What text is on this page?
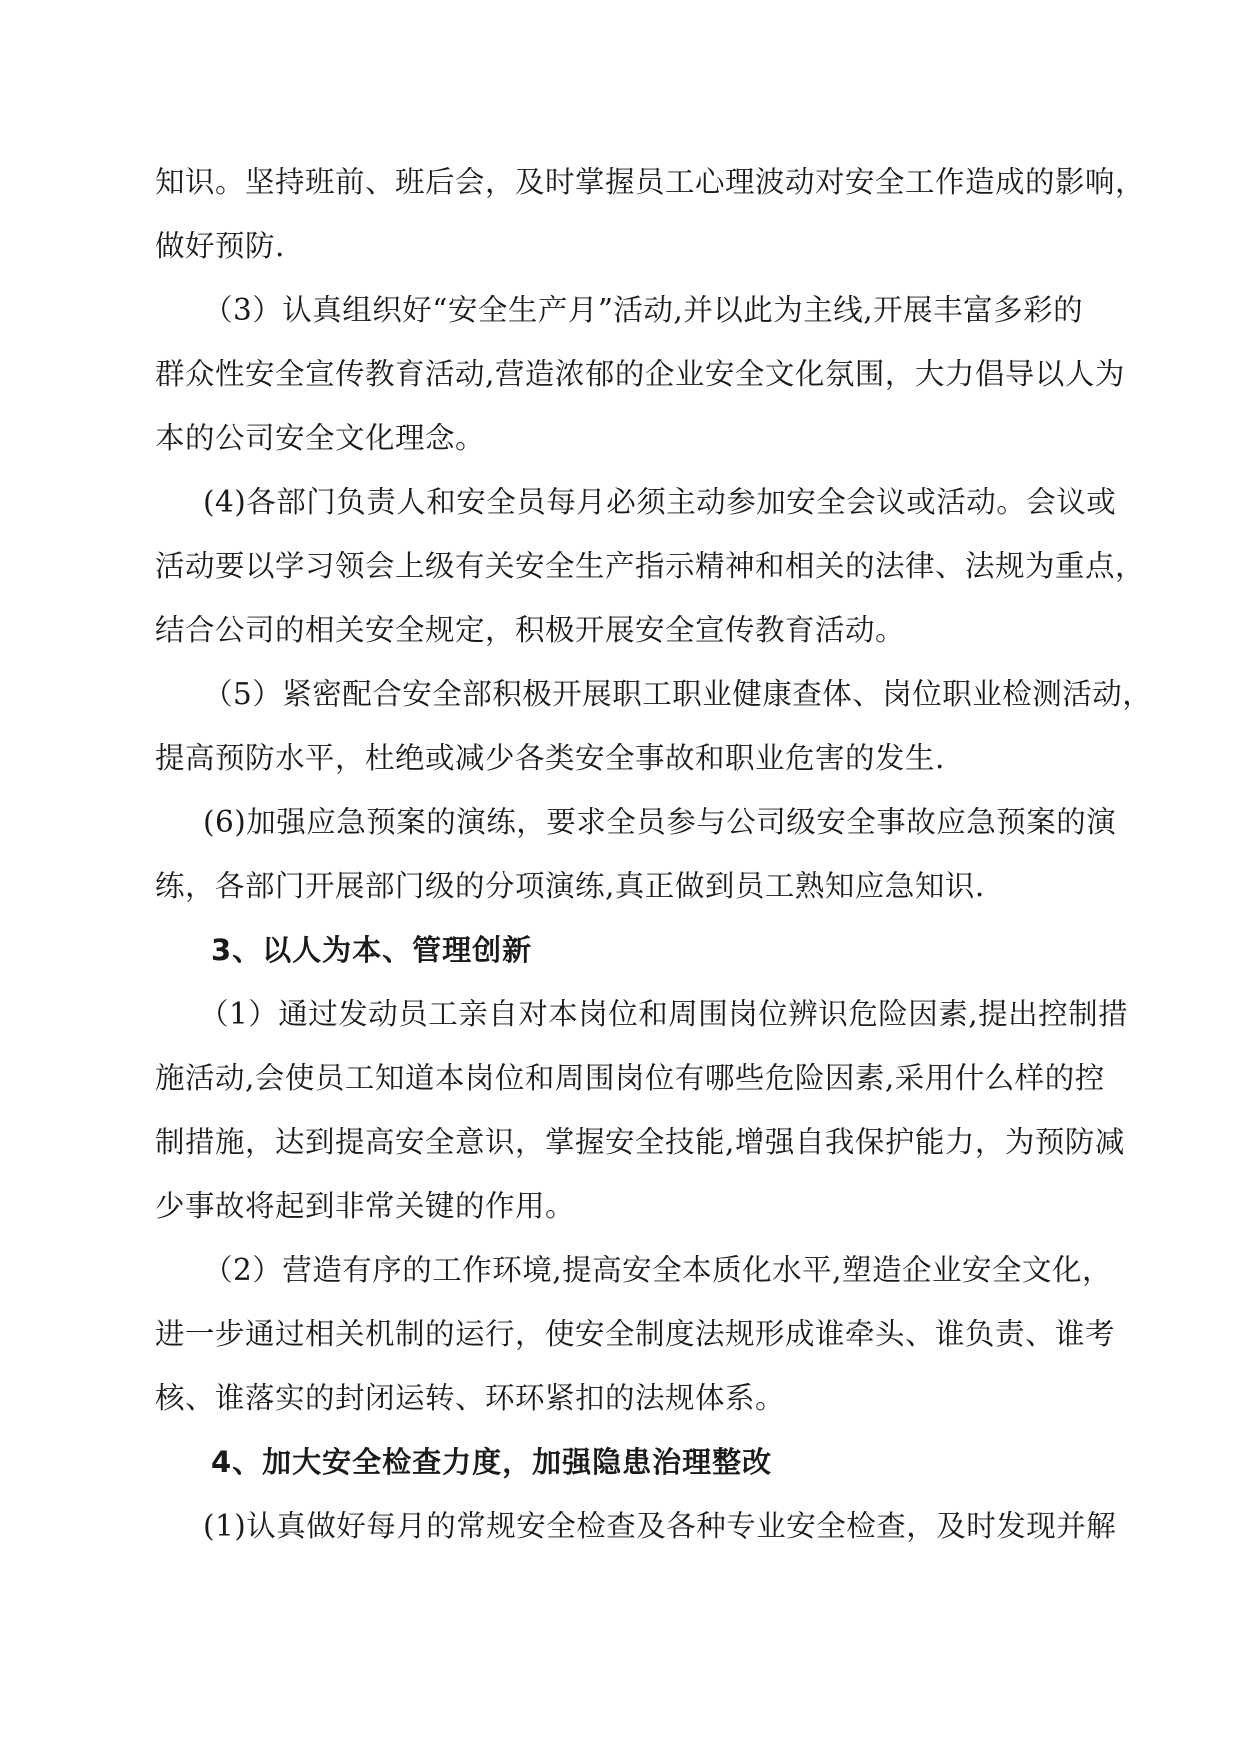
知识。坚持班前、班后会，及时掌握员工心理波动对安全工作造成的影响，
做好预防.
（3）认真组织好“安全生产月”活动,并以此为主线,开展丰富多彩的
群众性安全宣传教育活动,营造浓郁的企业安全文化氛围，大力倡导以人为
本的公司安全文化理念。
(4)各部门负责人和安全员每月必须主动参加安全会议或活动。会议或
活动要以学习领会上级有关安全生产指示精神和相关的法律、法规为重点，
结合公司的相关安全规定，积极开展安全宣传教育活动。
（5）紧密配合安全部积极开展职工职业健康查体、岗位职业检测活动，
提高预防水平，杜绝或减少各类安全事故和职业危害的发生.
(6)加强应急预案的演练，要求全员参与公司级安全事故应急预案的演
练，各部门开展部门级的分项演练,真正做到员工熟知应急知识.
3、以人为本、管理创新
（1）通过发动员工亲自对本岗位和周围岗位辨识危险因素,提出控制措
施活动,会使员工知道本岗位和周围岗位有哪些危险因素,采用什么样的控
制措施，达到提高安全意识，掌握安全技能,增强自我保护能力，为预防减
少事故将起到非常关键的作用。
（2）营造有序的工作环境,提高安全本质化水平,塑造企业安全文化，
进一步通过相关机制的运行，使安全制度法规形成谁牵头、谁负责、谁考
核、谁落实的封闭运转、环环紧扣的法规体系。
4、加大安全检查力度，加强隐患治理整改
(1)认真做好每月的常规安全检查及各种专业安全检查，及时发现并解
